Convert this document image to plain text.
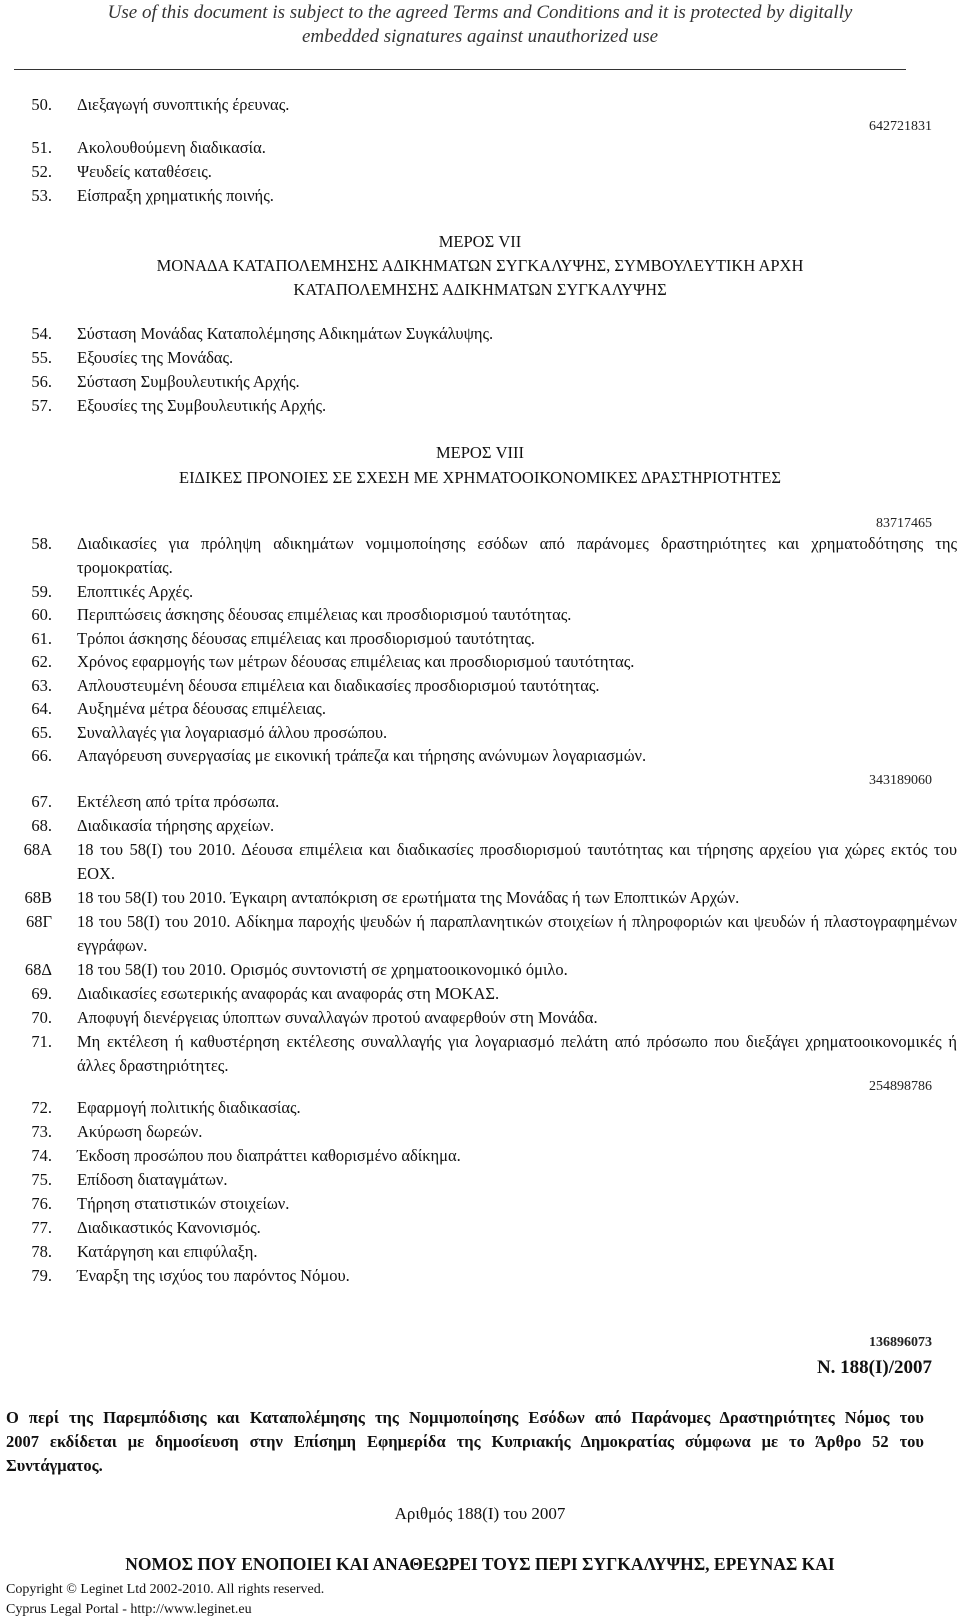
Use of this document is subject to the agreed Terms and Conditions and it is protected by digitally
embedded signatures against unauthorized use
50. Διεξαγωγή συνοπτικής έρευνας.
642721831
51. Ακολουθούμενη διαδικασία.
52. Ψευδείς καταθέσεις.
53. Είσπραξη χρηματικής ποινής.
ΜΕΡΟΣ VII
ΜΟΝΑΔΑ ΚΑΤΑΠΟΛΕΜΗΣΗΣ ΑΔΙΚΗΜΑΤΩΝ ΣΥΓΚΑΛΥΨΗΣ, ΣΥΜΒΟΥΛΕΥΤΙΚΗ ΑΡΧΗ
ΚΑΤΑΠΟΛΕΜΗΣΗΣ ΑΔΙΚΗΜΑΤΩΝ ΣΥΓΚΑΛΥΨΗΣ
54. Σύσταση Μονάδας Καταπολέμησης Αδικημάτων Συγκάλυψης.
55. Εξουσίες της Μονάδας.
56. Σύσταση Συμβουλευτικής Αρχής.
57. Εξουσίες της Συμβουλευτικής Αρχής.
ΜΕΡΟΣ VIII
ΕΙΔΙΚΕΣ ΠΡΟΝΟΙΕΣ ΣΕ ΣΧΕΣΗ ΜΕ ΧΡΗΜΑΤΟΟΙΚΟΝΟΜΙΚΕΣ ΔΡΑΣΤΗΡΙΟΤΗΤΕΣ
83717465
58. Διαδικασίες για πρόληψη αδικημάτων νομιμοποίησης εσόδων από παράνομες δραστηριότητες και χρηματοδότησης της τρομοκρατίας.
59. Εποπτικές Αρχές.
60. Περιπτώσεις άσκησης δέουσας επιμέλειας και προσδιορισμού ταυτότητας.
61. Τρόποι άσκησης δέουσας επιμέλειας και προσδιορισμού ταυτότητας.
62. Χρόνος εφαρμογής των μέτρων δέουσας επιμέλειας και προσδιορισμού ταυτότητας.
63. Απλουστευμένη δέουσα επιμέλεια και διαδικασίες προσδιορισμού ταυτότητας.
64. Αυξημένα μέτρα δέουσας επιμέλειας.
65. Συναλλαγές για λογαριασμό άλλου προσώπου.
66. Απαγόρευση συνεργασίας με εικονική τράπεζα και τήρησης ανώνυμων λογαριασμών.
343189060
67. Εκτέλεση από τρίτα πρόσωπα.
68. Διαδικασία τήρησης αρχείων.
68Α 18 του 58(Ι) του 2010. Δέουσα επιμέλεια και διαδικασίες προσδιορισμού ταυτότητας και τήρησης αρχείου για χώρες εκτός του ΕΟΧ.
68Β 18 του 58(Ι) του 2010. Έγκαιρη ανταπόκριση σε ερωτήματα της Μονάδας ή των Εποπτικών Αρχών.
68Γ 18 του 58(Ι) του 2010. Αδίκημα παροχής ψευδών ή παραπλανητικών στοιχείων ή πληροφοριών και ψευδών ή πλαστογραφημένων εγγράφων.
68Δ 18 του 58(Ι) του 2010. Ορισμός συντονιστή σε χρηματοοικονομικό όμιλο.
69. Διαδικασίες εσωτερικής αναφοράς και αναφοράς στη ΜΟΚΑΣ.
70. Αποφυγή διενέργειας ύποπτων συναλλαγών προτού αναφερθούν στη Μονάδα.
71. Μη εκτέλεση ή καθυστέρηση εκτέλεσης συναλλαγής για λογαριασμό πελάτη από πρόσωπο που διεξάγει χρηματοοικονομικές ή άλλες δραστηριότητες.
254898786
72. Εφαρμογή πολιτικής διαδικασίας.
73. Ακύρωση δωρεών.
74. Έκδοση προσώπου που διαπράττει καθορισμένο αδίκημα.
75. Επίδοση διαταγμάτων.
76. Τήρηση στατιστικών στοιχείων.
77. Διαδικαστικός Κανονισμός.
78. Κατάργηση και επιφύλαξη.
79. Έναρξη της ισχύος του παρόντος Νόμου.
136896073
Ν. 188(Ι)/2007
Ο περί της Παρεμπόδισης και Καταπολέμησης της Νομιμοποίησης Εσόδων από Παράνομες Δραστηριότητες Νόμος του 2007 εκδίδεται με δημοσίευση στην Επίσημη Εφημερίδα της Κυπριακής Δημοκρατίας σύμφωνα με το Άρθρο 52 του Συντάγματος.
Αριθμός 188(Ι) του 2007
ΝΟΜΟΣ ΠΟΥ ΕΝΟΠΟΙΕΙ ΚΑΙ ΑΝΑΘΕΩΡΕΙ ΤΟΥΣ ΠΕΡΙ ΣΥΓΚΑΛΥΨΗΣ, ΕΡΕΥΝΑΣ ΚΑΙ
Copyright © Leginet Ltd 2002-2010. All rights reserved.
Cyprus Legal Portal - http://www.leginet.eu
